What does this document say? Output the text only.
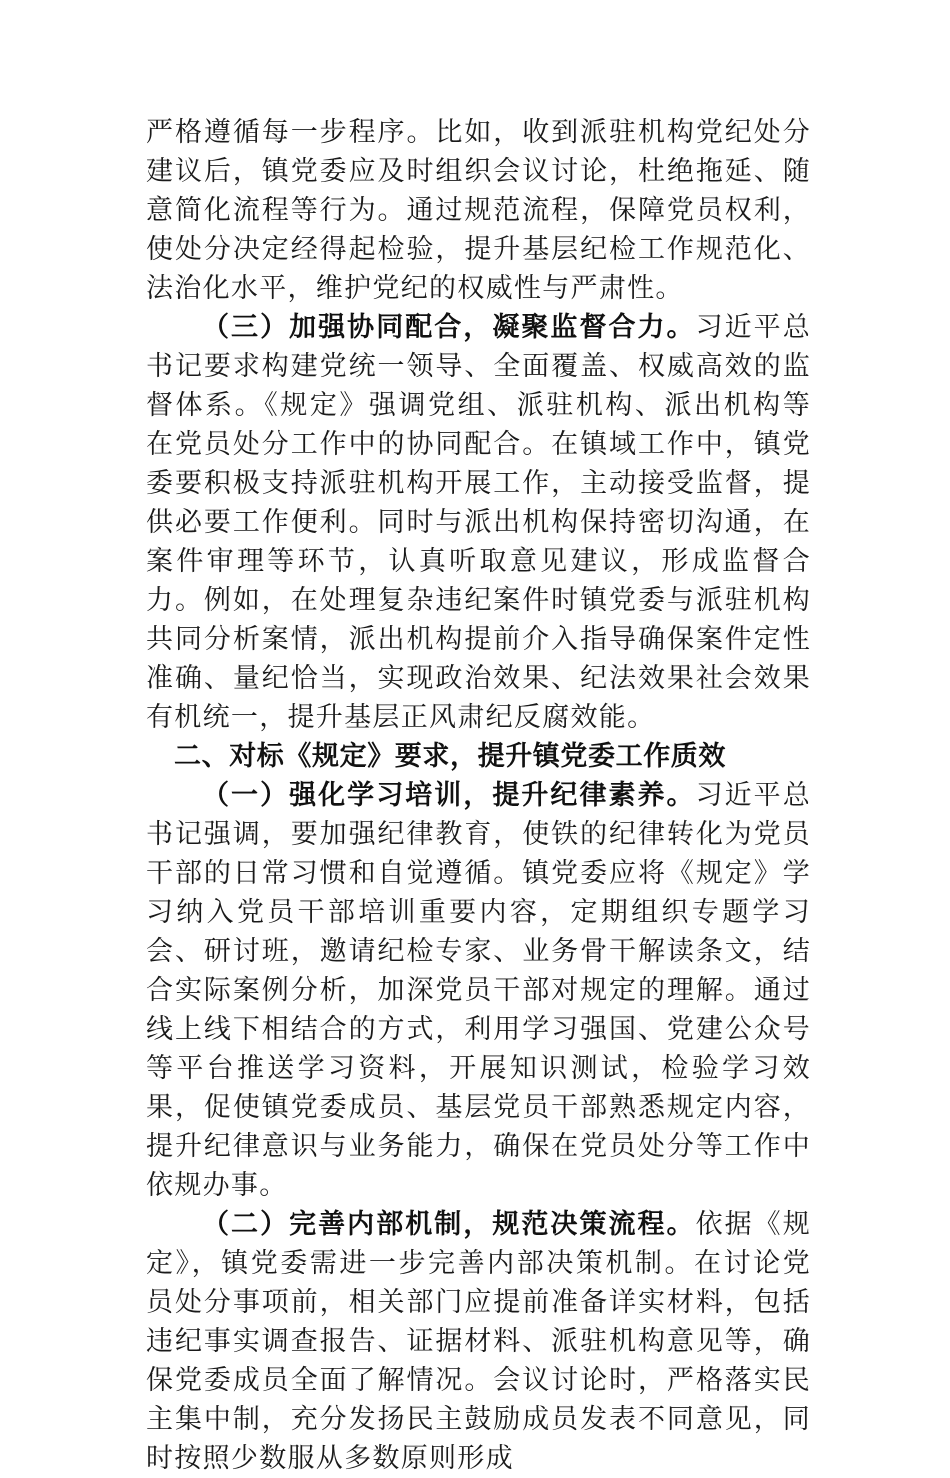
严格遵循每一步程序。比如，收到派驻机构党纪处分建议后，镇党委应及时组织会议讨论，杜绝拖延、随意简化流程等行为。通过规范流程，保障党员权利，使处分决定经得起检验，提升基层纪检工作规范化、法治化水平，维护党纪的权威性与严肃性。

（三）加强协同配合，凝聚监督合力。习近平总书记要求构建党统一领导、全面覆盖、权威高效的监督体系。《规定》强调党组、派驻机构、派出机构等在党员处分工作中的协同配合。在镇域工作中，镇党委要积极支持派驻机构开展工作，主动接受监督，提供必要工作便利。同时与派出机构保持密切沟通，在案件审理等环节，认真听取意见建议，形成监督合力。例如，在处理复杂违纪案件时镇党委与派驻机构共同分析案情，派出机构提前介入指导确保案件定性准确、量纪恰当，实现政治效果、纪法效果社会效果有机统一，提升基层正风肃纪反腐效能。

二、对标《规定》要求，提升镇党委工作质效

（一）强化学习培训，提升纪律素养。习近平总书记强调，要加强纪律教育，使铁的纪律转化为党员干部的日常习惯和自觉遵循。镇党委应将《规定》学习纳入党员干部培训重要内容，定期组织专题学习会、研讨班，邀请纪检专家、业务骨干解读条文，结合实际案例分析，加深党员干部对规定的理解。通过线上线下相结合的方式，利用学习强国、党建公众号等平台推送学习资料，开展知识测试，检验学习效果，促使镇党委成员、基层党员干部熟悉规定内容，提升纪律意识与业务能力，确保在党员处分等工作中依规办事。

（二）完善内部机制，规范决策流程。依据《规定》，镇党委需进一步完善内部决策机制。在讨论党员处分事项前，相关部门应提前准备详实材料，包括违纪事实调查报告、证据材料、派驻机构意见等，确保党委成员全面了解情况。会议讨论时，严格落实民主集中制，充分发扬民主鼓励成员发表不同意见，同时按照少数服从多数原则形成
